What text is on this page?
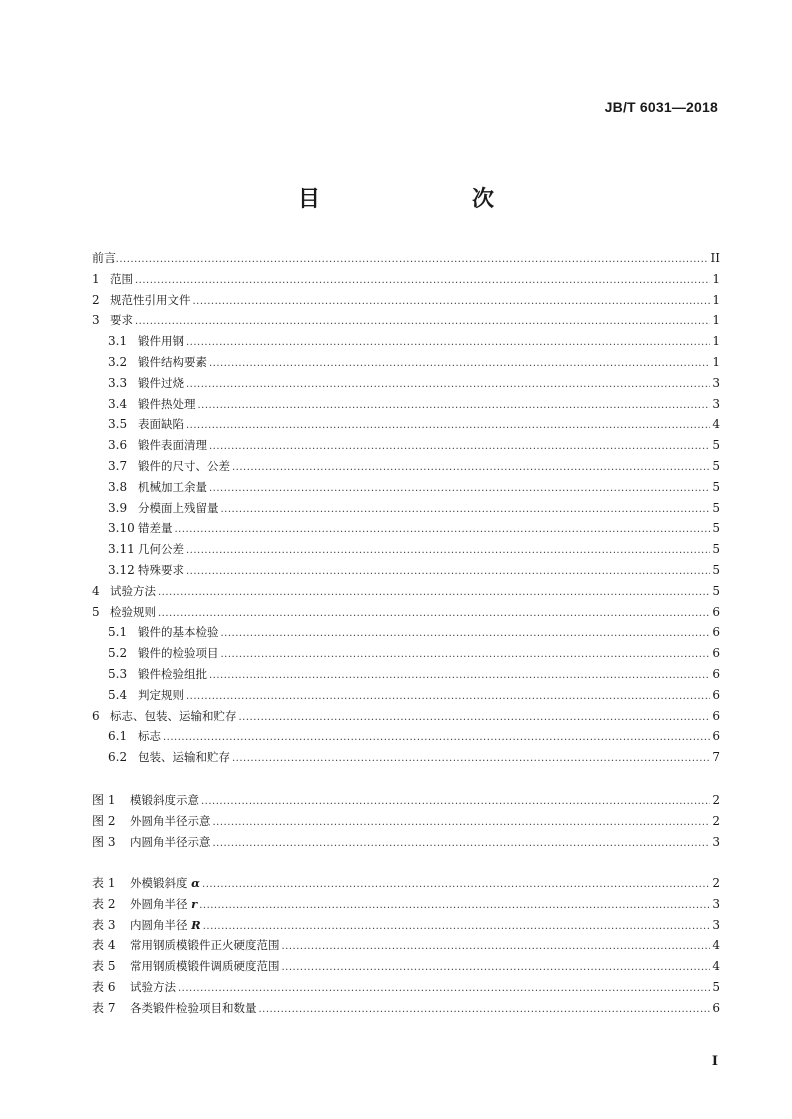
JB/T 6031—2018
目　　次
前言 .....	II
1 范围 .....	1
2 规范性引用文件 .....	1
3 要求 .....	1
3.1 锻件用钢 .....	1
3.2 锻件结构要素 .....	1
3.3 锻件过烧 .....	3
3.4 锻件热处理 .....	3
3.5 表面缺陷 .....	4
3.6 锻件表面清理 .....	5
3.7 锻件的尺寸、公差 .....	5
3.8 机械加工余量 .....	5
3.9 分模面上残留量 .....	5
3.10 错差量 .....	5
3.11 几何公差 .....	5
3.12 特殊要求 .....	5
4 试验方法 .....	5
5 检验规则 .....	6
5.1 锻件的基本检验 .....	6
5.2 锻件的检验项目 .....	6
5.3 锻件检验组批 .....	6
5.4 判定规则 .....	6
6 标志、包装、运输和贮存 .....	6
6.1 标志 .....	6
6.2 包装、运输和贮存 .....	7
图 1	模锻斜度示意 .....	2
图 2	外圆角半径示意 .....	2
图 3	内圆角半径示意 .....	3
表 1	外模锻斜度 α .....	2
表 2	外圆角半径 r .....	3
表 3	内圆角半径 R .....	3
表 4	常用钢质模锻件正火硬度范围 .....	4
表 5	常用钢质模锻件调质硬度范围 .....	4
表 6	试验方法 .....	5
表 7	各类锻件检验项目和数量 .....	6
I
